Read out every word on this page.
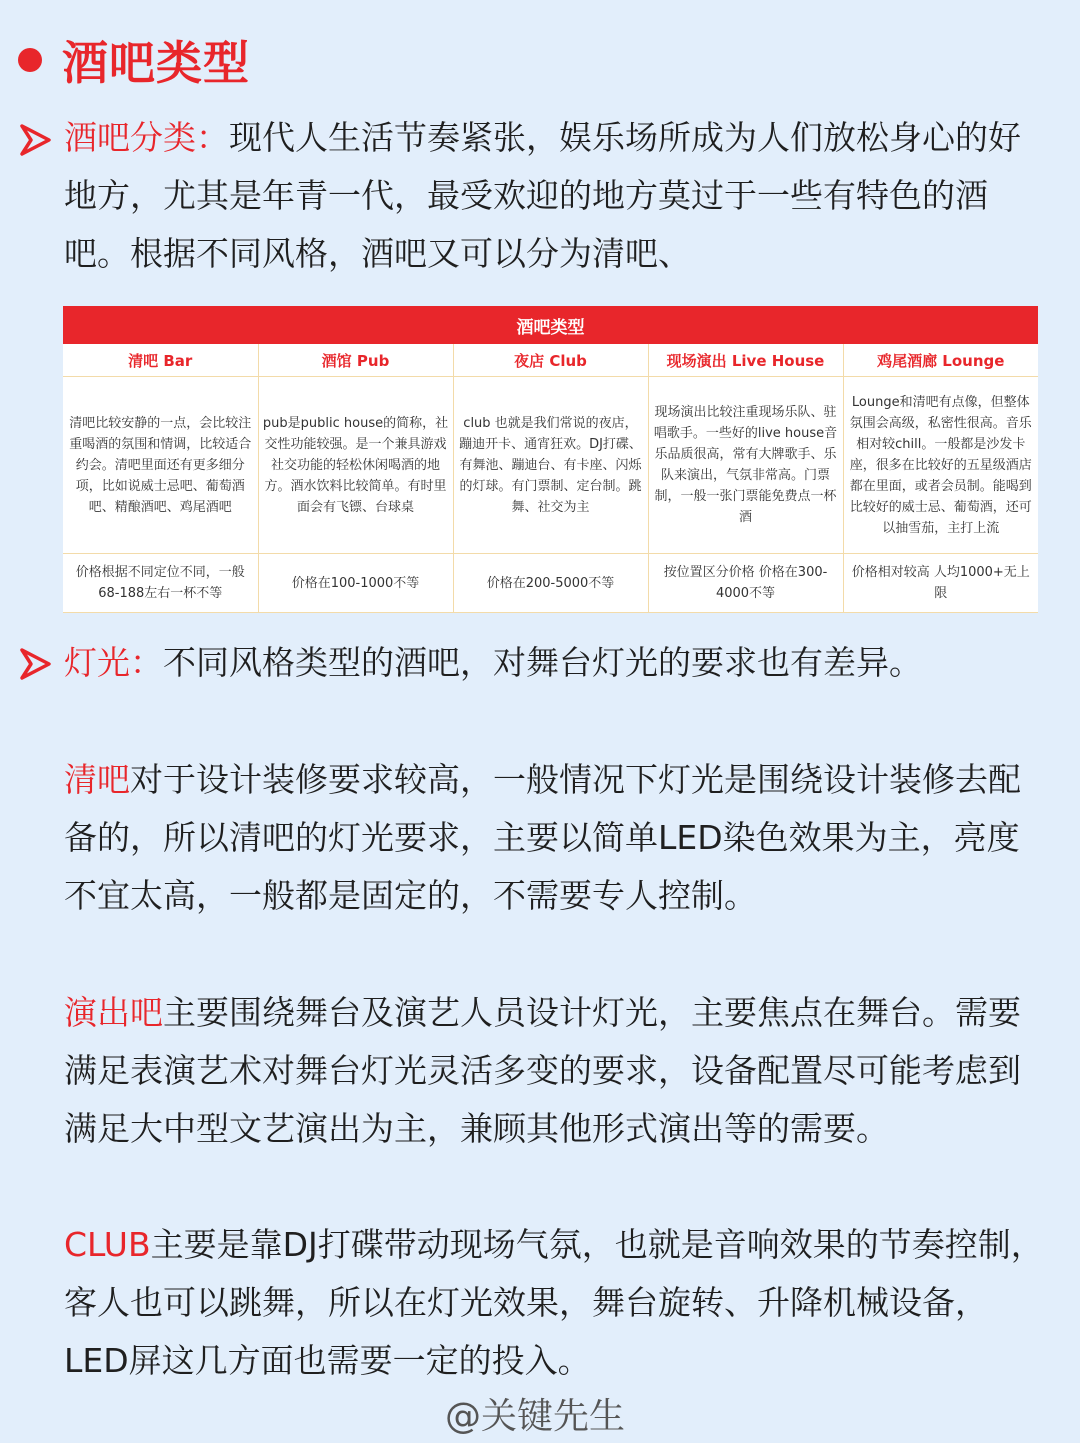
酒吧类型

酒吧分类：现代人生活节奏紧张，娱乐场所成为人们放松身心的好地方，尤其是年青一代，最受欢迎的地方莫过于一些有特色的酒吧。根据不同风格，酒吧又可以分为清吧、

酒吧类型				
清吧 Bar	酒馆 Pub	夜店 Club	现场演出 Live House	鸡尾酒廊 Lounge
清吧比较安静的一点，会比较注重喝酒的氛围和情调，比较适合约会。清吧里面还有更多细分项，比如说威士忌吧、葡萄酒吧、精酿酒吧、鸡尾酒吧	pub是public house的简称，社交性功能较强。是一个兼具游戏社交功能的轻松休闲喝酒的地方。酒水饮料比较简单。有时里面会有飞镖、台球桌	club 也就是我们常说的夜店，蹦迪开卡、通宵狂欢。DJ打碟、有舞池、蹦迪台、有卡座、闪烁的灯球。有门票制、定台制。跳舞、社交为主	现场演出比较注重现场乐队、驻唱歌手。一些好的live house音乐品质很高，常有大牌歌手、乐队来演出，气氛非常高。门票制，一般一张门票能免费点一杯酒	Lounge和清吧有点像，但整体氛围会高级，私密性很高。音乐相对较chill。一般都是沙发卡座，很多在比较好的五星级酒店都在里面，或者会员制。能喝到比较好的威士忌、葡萄酒，还可以抽雪茄，主打上流
价格根据不同定位不同，一般68-188左右一杯不等	价格在100-1000不等	价格在200-5000不等	按位置区分价格 价格在300-4000不等	价格相对较高 人均1000+无上限

灯光：不同风格类型的酒吧，对舞台灯光的要求也有差异。

清吧对于设计装修要求较高，一般情况下灯光是围绕设计装修去配备的，所以清吧的灯光要求，主要以简单LED染色效果为主，亮度不宜太高，一般都是固定的，不需要专人控制。

演出吧主要围绕舞台及演艺人员设计灯光，主要焦点在舞台。需要满足表演艺术对舞台灯光灵活多变的要求，设备配置尽可能考虑到满足大中型文艺演出为主，兼顾其他形式演出等的需要。

CLUB主要是靠DJ打碟带动现场气氛，也就是音响效果的节奏控制，客人也可以跳舞，所以在灯光效果，舞台旋转、升降机械设备，LED屏这几方面也需要一定的投入。

@关键先生
